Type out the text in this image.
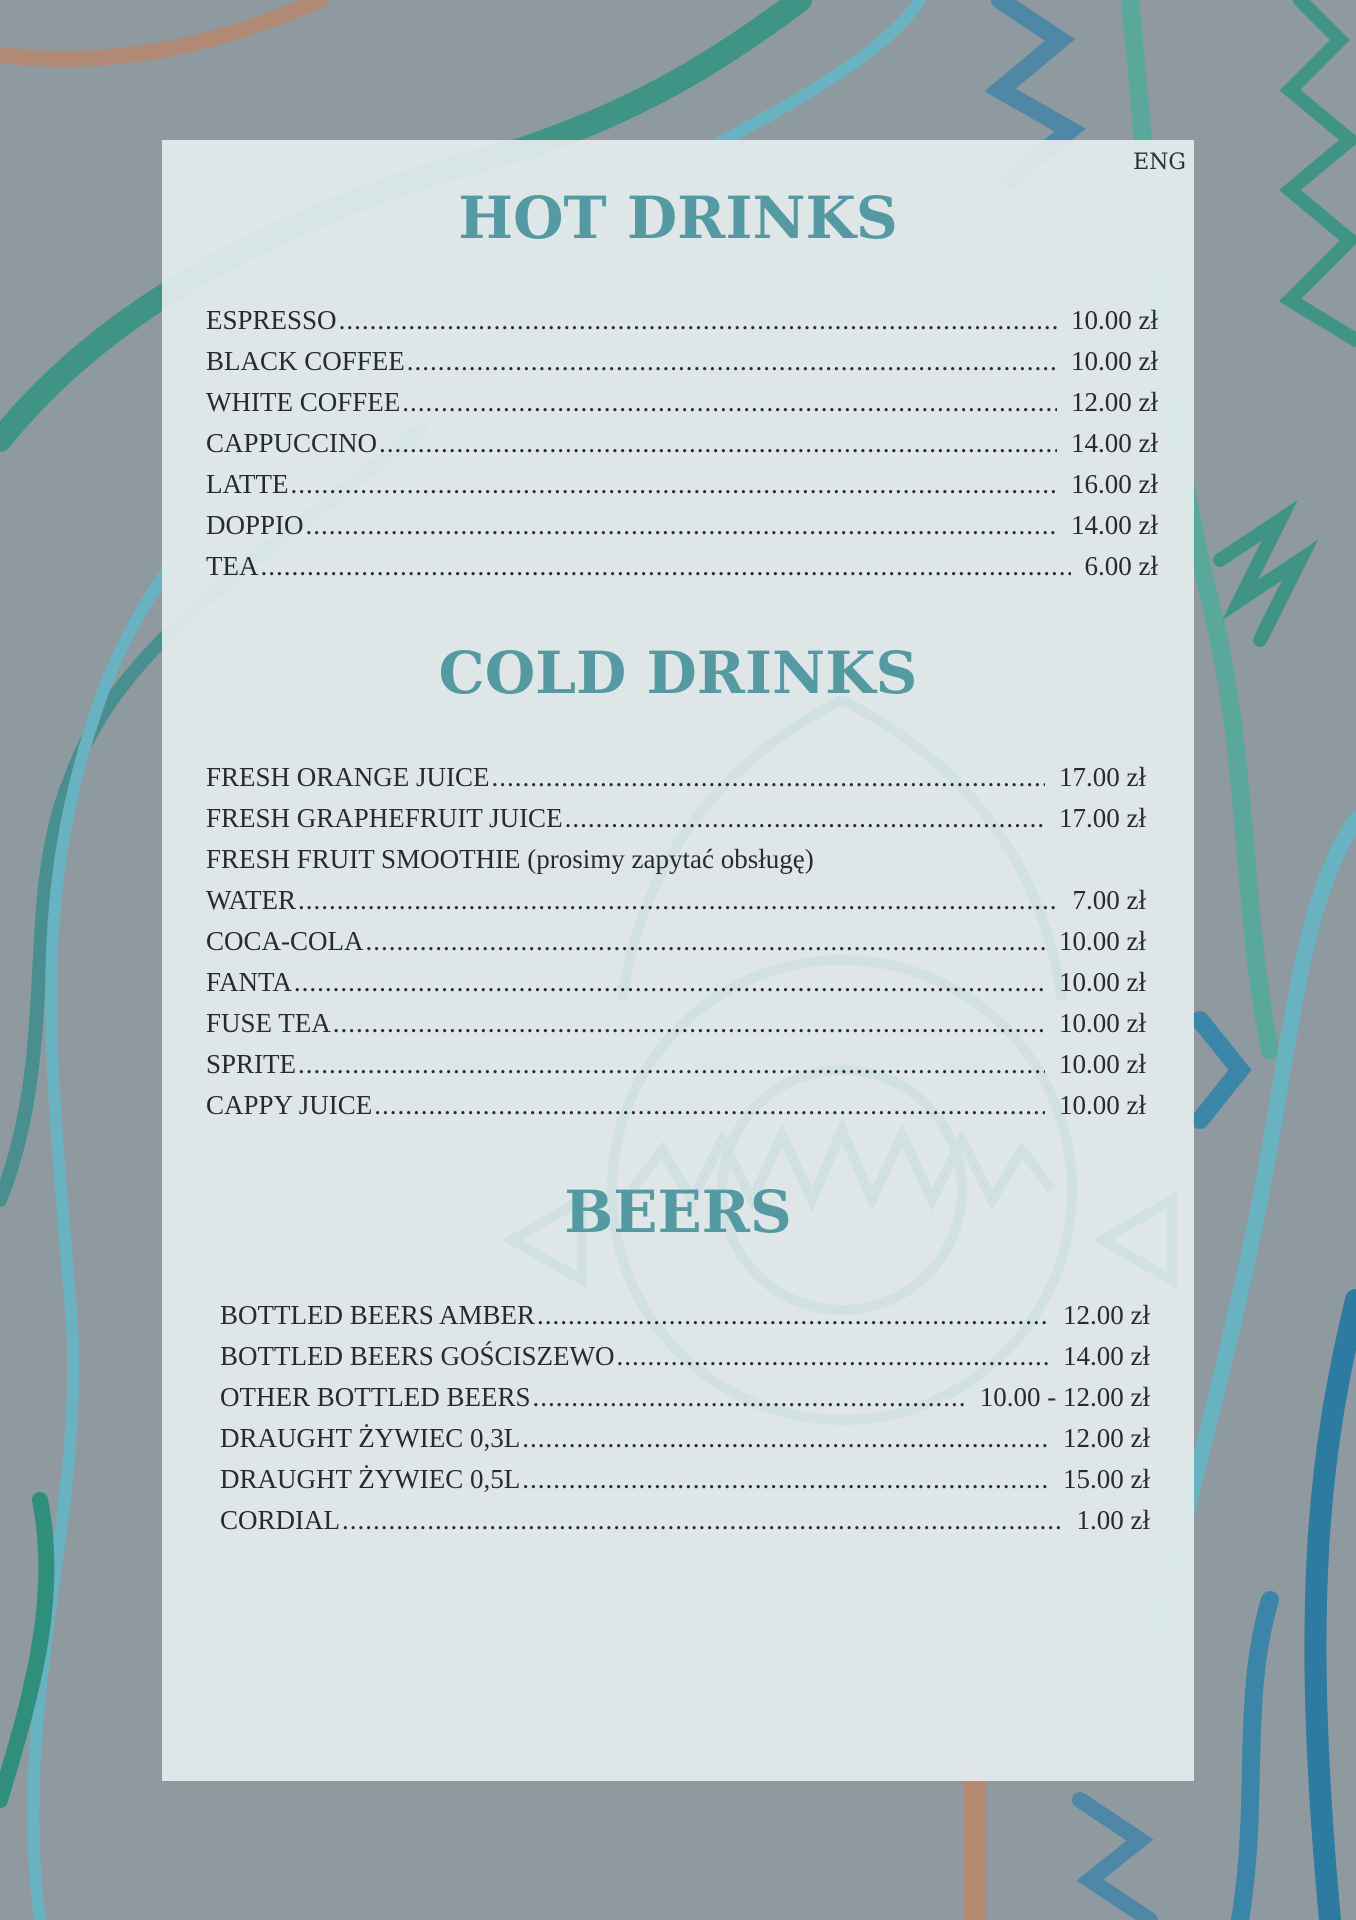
ENG
HOT DRINKS
ESPRESSO .....	10.00 zł
BLACK COFFEE .....	10.00 zł
WHITE COFFEE .....	12.00 zł
CAPPUCCINO .....	14.00 zł
LATTE .....	16.00 zł
DOPPIO .....	14.00 zł
TEA .....	6.00 zł
COLD DRINKS
FRESH ORANGE JUICE .....	17.00 zł
FRESH GRAPHEFRUIT JUICE .....	17.00 zł
FRESH FRUIT SMOOTHIE (prosimy zapytać obsługę)
WATER .....	7.00 zł
COCA-COLA .....	10.00 zł
FANTA .....	10.00 zł
FUSE TEA .....	10.00 zł
SPRITE .....	10.00 zł
CAPPY JUICE .....	10.00 zł
BEERS
BOTTLED BEERS AMBER .....	12.00 zł
BOTTLED BEERS GOŚCISZEWO .....	14.00 zł
OTHER BOTTLED BEERS .....	10.00 - 12.00 zł
DRAUGHT ŻYWIEC 0,3L .....	12.00 zł
DRAUGHT ŻYWIEC 0,5L .....	15.00 zł
CORDIAL .....	1.00 zł
